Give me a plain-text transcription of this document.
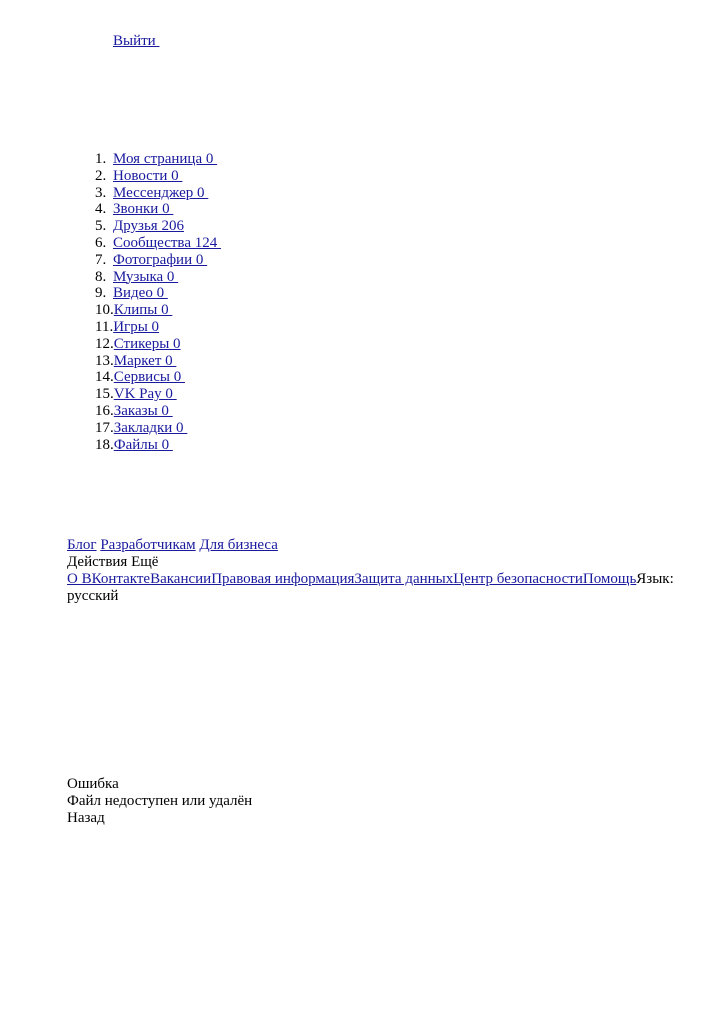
Выйти
1. Моя страница 0
2. Новости 0
3. Мессенджер 0
4. Звонки 0
5. Друзья 206
6. Сообщества 124
7. Фотографии 0
8. Музыка 0
9. Видео 0
10.Клипы 0
11.Игры 0
12.Стикеры 0
13.Маркет 0
14.Сервисы 0
15.VK Pay 0
16.Заказы 0
17.Закладки 0
18.Файлы 0
Блог Разработчикам Для бизнеса
Действия Ещё
О ВКонтактеВакансииПравовая информацияЗащита данныхЦентр безопасностиПомощьЯзык:
русский
Ошибка
Файл недоступен или удалён
Назад
